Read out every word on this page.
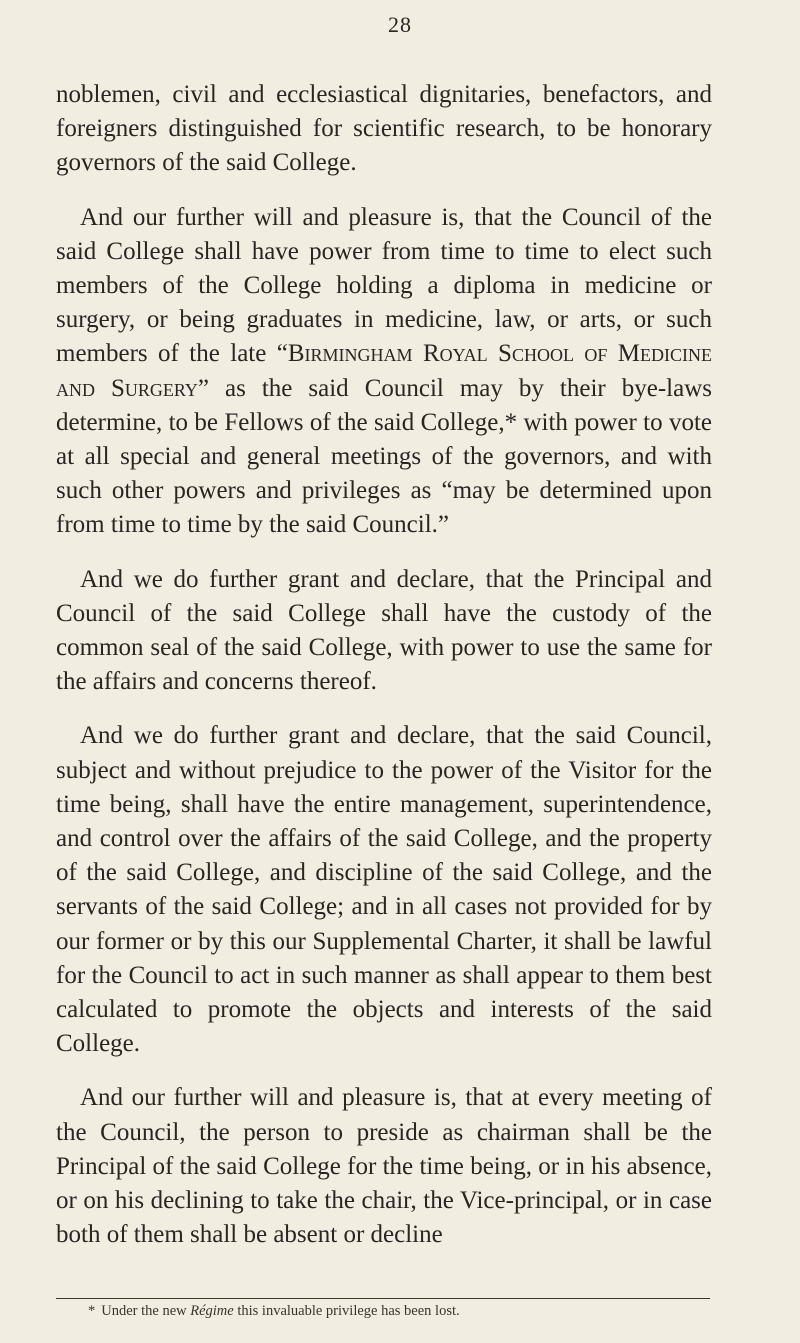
28

noblemen, civil and ecclesiastical dignitaries, benefactors, and foreigners distinguished for scientific research, to be honorary governors of the said College.

And our further will and pleasure is, that the Council of the said College shall have power from time to time to elect such members of the College holding a diploma in medicine or surgery, or being graduates in medicine, law, or arts, or such members of the late “Birmingham Royal School of Medicine and Surgery” as the said Council may by their bye-laws determine, to be Fellows of the said College,* with power to vote at all special and general meetings of the governors, and with such other powers and privileges as “may be determined upon from time to time by the said Council.”

And we do further grant and declare, that the Principal and Council of the said College shall have the custody of the common seal of the said College, with power to use the same for the affairs and concerns thereof.

And we do further grant and declare, that the said Council, subject and without prejudice to the power of the Visitor for the time being, shall have the entire management, superintendence, and control over the affairs of the said College, and the property of the said College, and discipline of the said College, and the servants of the said College; and in all cases not provided for by our former or by this our Supplemental Charter, it shall be lawful for the Council to act in such manner as shall appear to them best calculated to promote the objects and interests of the said College.

And our further will and pleasure is, that at every meeting of the Council, the person to preside as chairman shall be the Principal of the said College for the time being, or in his absence, or on his declining to take the chair, the Vice-principal, or in case both of them shall be absent or decline

* Under the new Régime this invaluable privilege has been lost.
